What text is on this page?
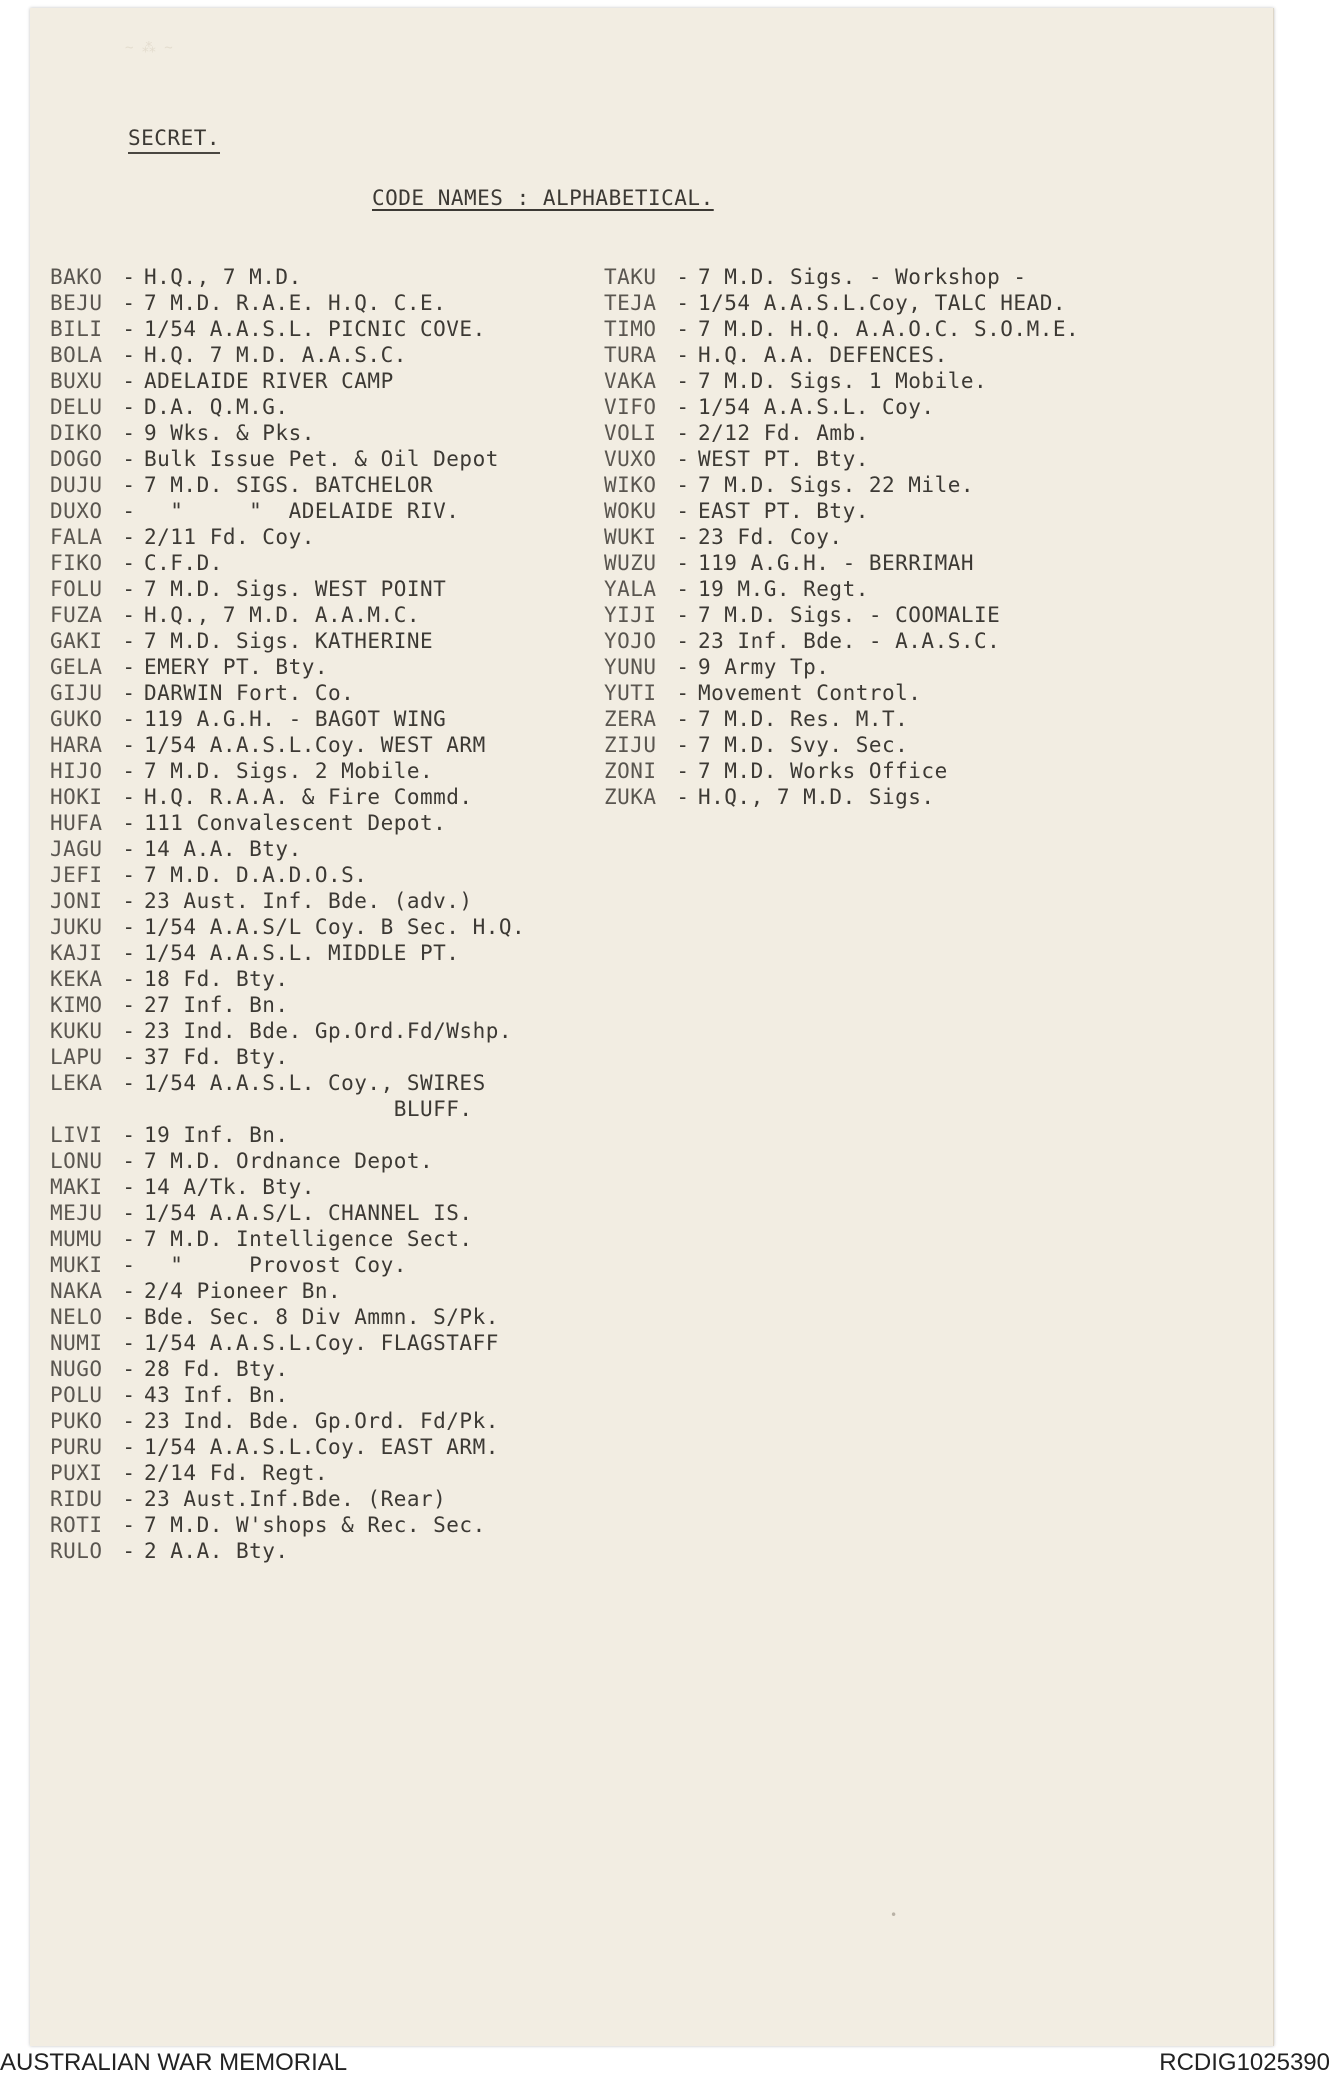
~ ⁂ ~
•
SECRET.
CODE NAMES : ALPHABETICAL.
BAKO - H.Q., 7 M.D.
BEJU - 7 M.D. R.A.E. H.Q. C.E.
BILI - 1/54 A.A.S.L. PICNIC COVE.
BOLA - H.Q. 7 M.D. A.A.S.C.
BUXU - ADELAIDE RIVER CAMP
DELU - D.A. Q.M.G.
DIKO - 9 Wks. & Pks.
DOGO - Bulk Issue Pet. & Oil Depot
DUJU - 7 M.D. SIGS. BATCHELOR
DUXO - "     "  ADELAIDE RIV.
FALA - 2/11 Fd. Coy.
FIKO - C.F.D.
FOLU - 7 M.D. Sigs. WEST POINT
FUZA - H.Q., 7 M.D. A.A.M.C.
GAKI - 7 M.D. Sigs. KATHERINE
GELA - EMERY PT. Bty.
GIJU - DARWIN Fort. Co.
GUKO - 119 A.G.H. - BAGOT WING
HARA - 1/54 A.A.S.L.Coy. WEST ARM
HIJO - 7 M.D. Sigs. 2 Mobile.
HOKI - H.Q. R.A.A. & Fire Commd.
HUFA - 111 Convalescent Depot.
JAGU - 14 A.A. Bty.
JEFI - 7 M.D. D.A.D.O.S.
JONI - 23 Aust. Inf. Bde. (adv.)
JUKU - 1/54 A.A.S/L Coy. B Sec. H.Q.
KAJI - 1/54 A.A.S.L. MIDDLE PT.
KEKA - 18 Fd. Bty.
KIMO - 27 Inf. Bn.
KUKU - 23 Ind. Bde. Gp.Ord.Fd/Wshp.
LAPU - 37 Fd. Bty.
LEKA - 1/54 A.A.S.L. Coy., SWIRES
BLUFF.
LIVI - 19 Inf. Bn.
LONU - 7 M.D. Ordnance Depot.
MAKI - 14 A/Tk. Bty.
MEJU - 1/54 A.A.S/L. CHANNEL IS.
MUMU - 7 M.D. Intelligence Sect.
MUKI - "     Provost Coy.
NAKA - 2/4 Pioneer Bn.
NELO - Bde. Sec. 8 Div Ammn. S/Pk.
NUMI - 1/54 A.A.S.L.Coy. FLAGSTAFF
NUGO - 28 Fd. Bty.
POLU - 43 Inf. Bn.
PUKO - 23 Ind. Bde. Gp.Ord. Fd/Pk.
PURU - 1/54 A.A.S.L.Coy. EAST ARM.
PUXI - 2/14 Fd. Regt.
RIDU - 23 Aust.Inf.Bde. (Rear)
ROTI - 7 M.D. W'shops & Rec. Sec.
RULO - 2 A.A. Bty.
TAKU - 7 M.D. Sigs. - Workshop -
TEJA - 1/54 A.A.S.L.Coy, TALC HEAD.
TIMO - 7 M.D. H.Q. A.A.O.C. S.O.M.E.
TURA - H.Q. A.A. DEFENCES.
VAKA - 7 M.D. Sigs. 1 Mobile.
VIFO - 1/54 A.A.S.L. Coy.
VOLI - 2/12 Fd. Amb.
VUXO - WEST PT. Bty.
WIKO - 7 M.D. Sigs. 22 Mile.
WOKU - EAST PT. Bty.
WUKI - 23 Fd. Coy.
WUZU - 119 A.G.H. - BERRIMAH
YALA - 19 M.G. Regt.
YIJI - 7 M.D. Sigs. - COOMALIE
YOJO - 23 Inf. Bde. - A.A.S.C.
YUNU - 9 Army Tp.
YUTI - Movement Control.
ZERA - 7 M.D. Res. M.T.
ZIJU - 7 M.D. Svy. Sec.
ZONI - 7 M.D. Works Office
ZUKA - H.Q., 7 M.D. Sigs.
AUSTRALIAN WAR MEMORIAL	RCDIG1025390
